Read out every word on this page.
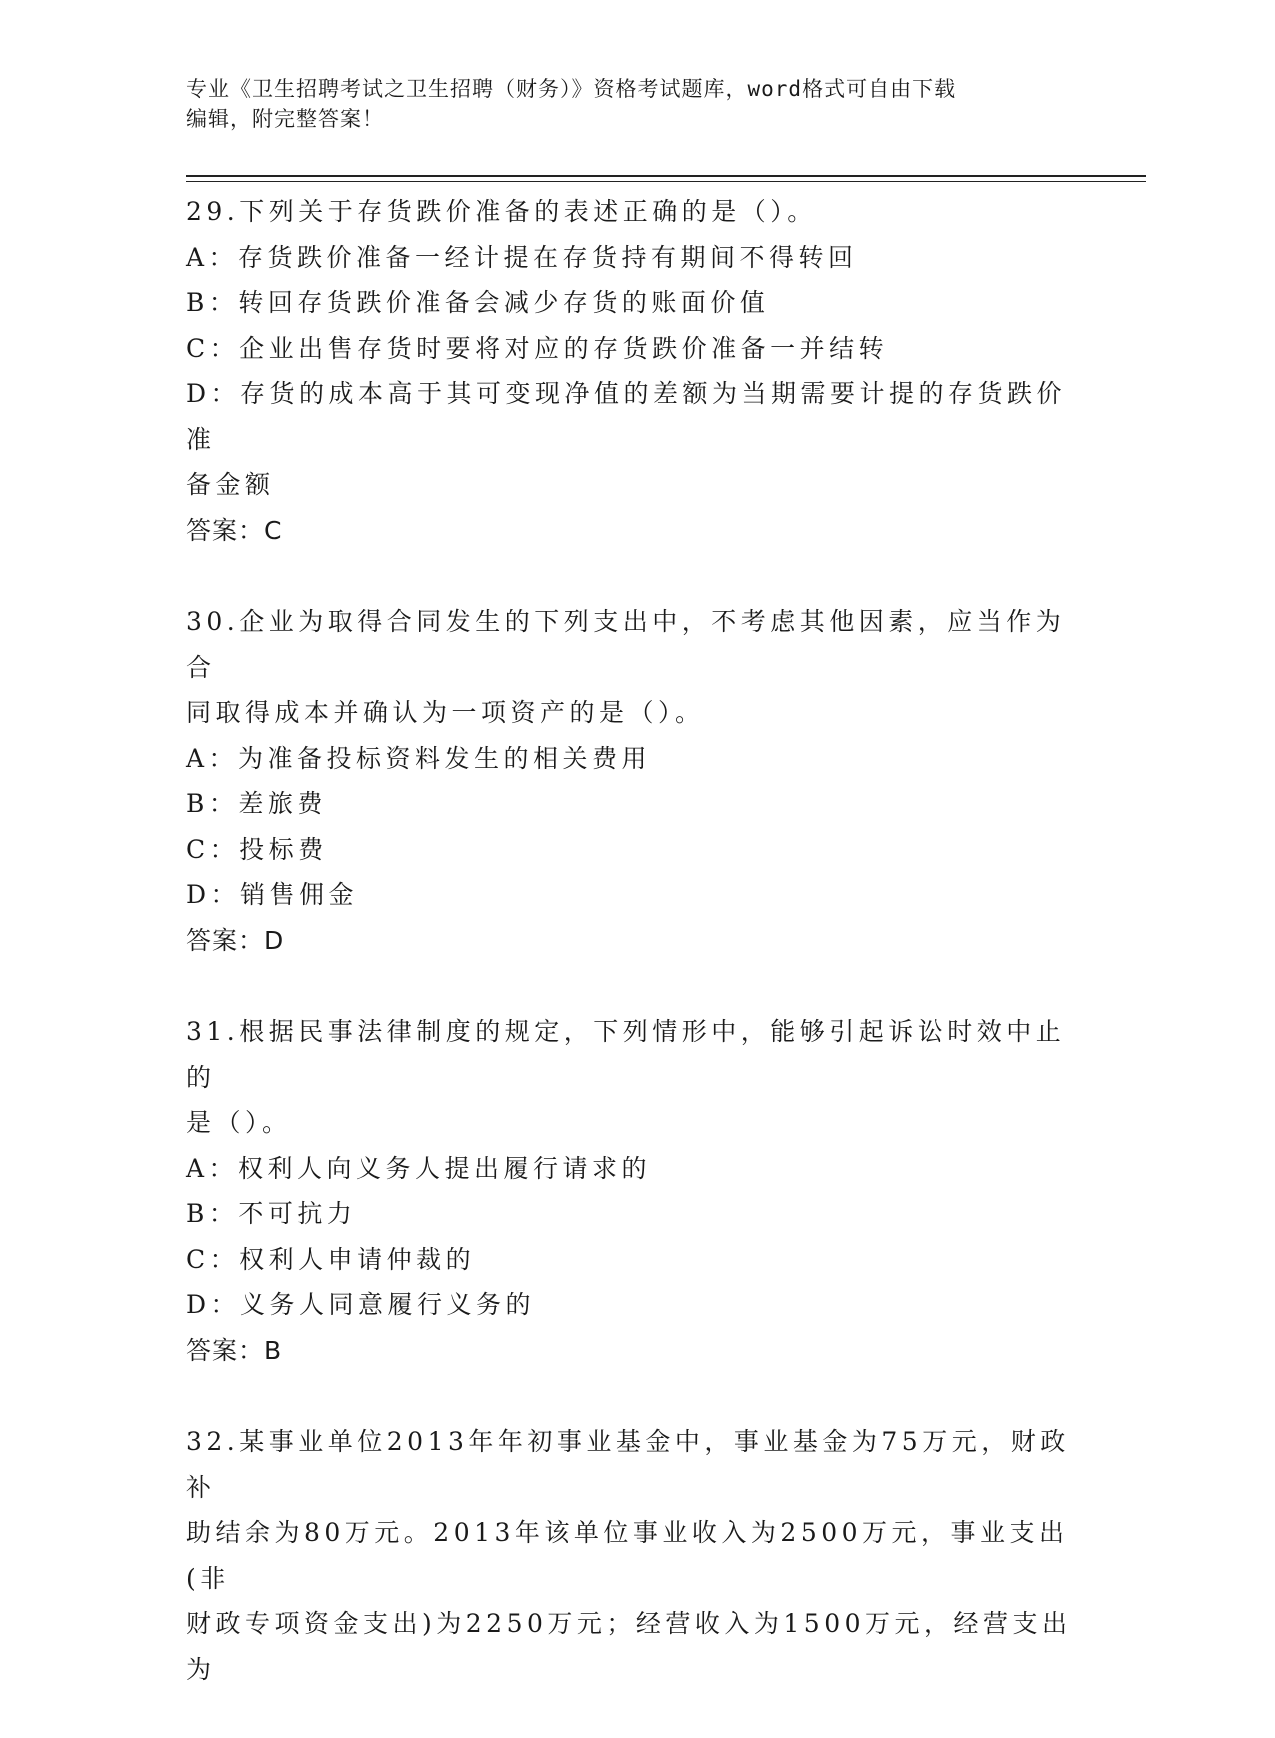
专业《卫生招聘考试之卫生招聘（财务）》资格考试题库，word格式可自由下载
编辑，附完整答案！
29.下列关于存货跌价准备的表述正确的是（）。
A：存货跌价准备一经计提在存货持有期间不得转回
B：转回存货跌价准备会减少存货的账面价值
C：企业出售存货时要将对应的存货跌价准备一并结转
D：存货的成本高于其可变现净值的差额为当期需要计提的存货跌价准
备金额
答案：C
30.企业为取得合同发生的下列支出中，不考虑其他因素，应当作为合
同取得成本并确认为一项资产的是（）。
A：为准备投标资料发生的相关费用
B：差旅费
C：投标费
D：销售佣金
答案：D
31.根据民事法律制度的规定，下列情形中，能够引起诉讼时效中止的
是（）。
A：权利人向义务人提出履行请求的
B：不可抗力
C：权利人申请仲裁的
D：义务人同意履行义务的
答案：B
32.某事业单位2013年年初事业基金中，事业基金为75万元，财政补
助结余为80万元。2013年该单位事业收入为2500万元，事业支出(非
财政专项资金支出)为2250万元；经营收入为1500万元，经营支出为
